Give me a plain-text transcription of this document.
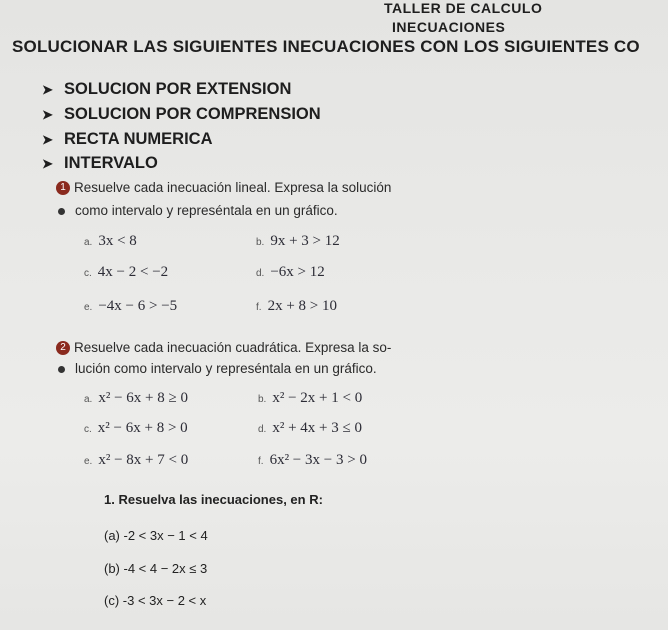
TALLER DE CALCULO
INECUACIONES
SOLUCIONAR LAS SIGUIENTES INECUACIONES CON LOS SIGUIENTES CO
➤ SOLUCION POR EXTENSION
➤ SOLUCION POR COMPRENSION
➤ RECTA NUMERICA
➤ INTERVALO
1 Resuelve cada inecuación lineal. Expresa la solución
como intervalo y represéntala en un gráfico.
a. 3x < 8	b. 9x + 3 > 12
c. 4x − 2 < −2	d. −6x > 12
e. −4x − 6 > −5	f. 2x + 8 > 10
2 Resuelve cada inecuación cuadrática. Expresa la so-
lución como intervalo y represéntala en un gráfico.
a. x² − 6x + 8 ≥ 0	b. x² − 2x + 1 < 0
c. x² − 6x + 8 > 0	d. x² + 4x + 3 ≤ 0
e. x² − 8x + 7 < 0	f. 6x² − 3x − 3 > 0
1. Resuelva las inecuaciones, en R:
(a) -2 < 3x − 1 < 4
(b) -4 < 4 − 2x ≤ 3
(c) -3 < 3x − 2 < x
